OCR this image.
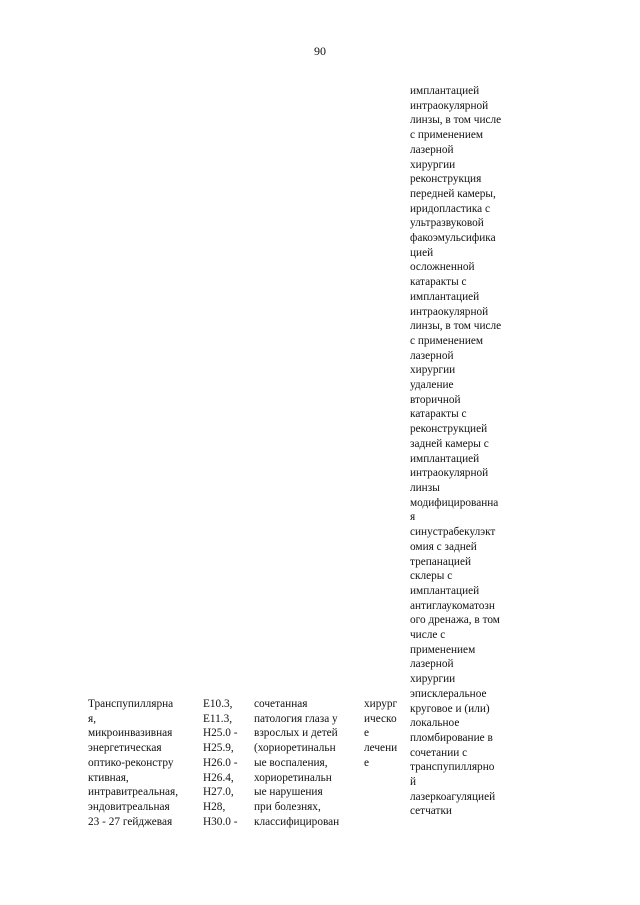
90
Транспупиллярна
я,
микроинвазивная
энергетическая
оптико-реконстру
ктивная,
интравитреальная,
эндовитреальная
23 - 27 гейджевая
E10.3,
E11.3,
H25.0 -
H25.9,
H26.0 -
H26.4,
H27.0,
H28,
H30.0 -
сочетанная
патология глаза у
взрослых и детей
(хориоретинальн
ые воспаления,
хориоретинальн
ые нарушения
при болезнях,
классифицирован
хирург
ическо
е
лечени
е
имплантацией
интраокулярной
линзы, в том числе
с применением
лазерной
хирургии
реконструкция
передней камеры,
иридопластика с
ультразвуковой
факоэмульсифика
цией
осложненной
катаракты с
имплантацией
интраокулярной
линзы, в том числе
с применением
лазерной
хирургии
удаление
вторичной
катаракты с
реконструкцией
задней камеры с
имплантацией
интраокулярной
линзы
модифицированна
я
синустрабекулэкт
омия с задней
трепанацией
склеры с
имплантацией
антиглаукоматозн
ого дренажа, в том
числе с
применением
лазерной
хирургии
эписклеральное
круговое и (или)
локальное
пломбирование в
сочетании с
транспупиллярно
й
лазеркоагуляцией
сетчатки
